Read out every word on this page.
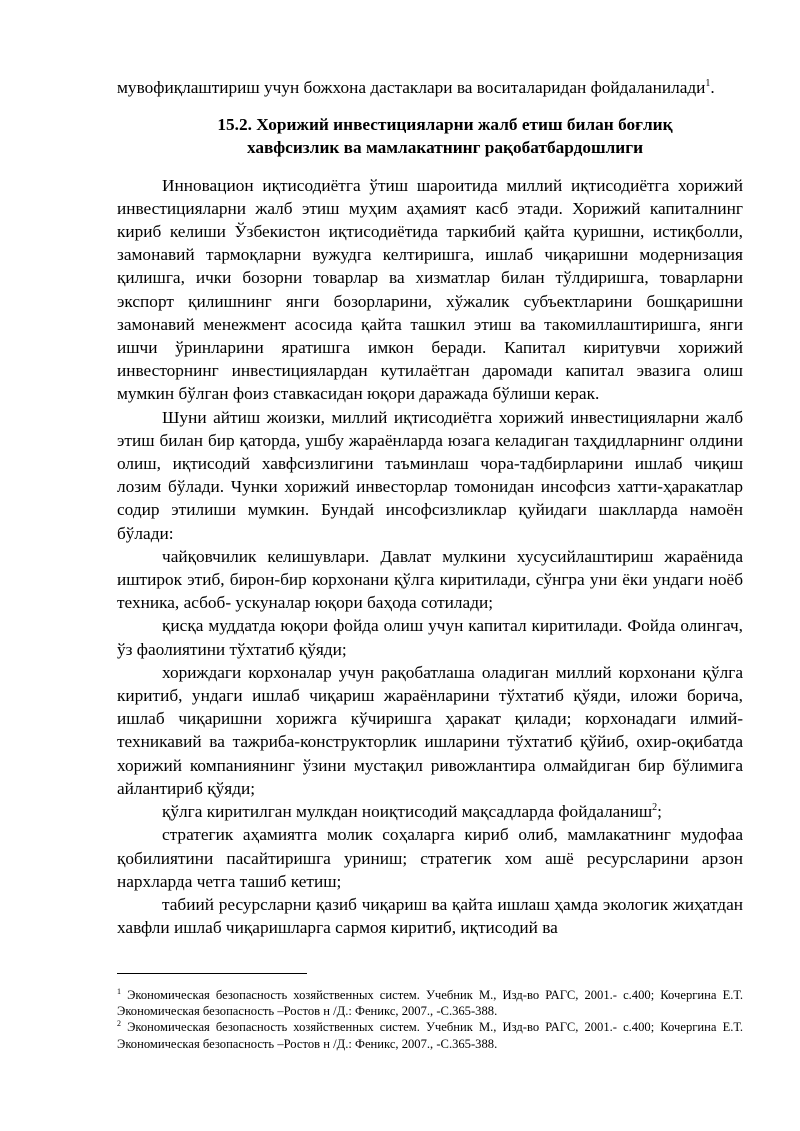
мувофиқлаштириш учун божхона дастаклари ва воситаларидан фойдаланилади$^1$.

15.2. Хорижий инвестицияларни жалб етиш билан боғлиқ
хавфсизлик ва мамлакатнинг рақобатбардошлиги

Инновацион иқтисодиётга ўтиш шароитида миллий иқтисодиётга хорижий инвестицияларни жалб этиш муҳим аҳамият касб этади. Хорижий капиталнинг кириб келиши Ўзбекистон иқтисодиётида таркибий қайта қуришни, истиқболли, замонавий тармоқларни вужудга келтиришга, ишлаб чиқаришни модернизация қилишга, ички бозорни товарлар ва хизматлар билан тўлдиришга, товарларни экспорт қилишнинг янги бозорларини, хўжалик субъектларини бошқаришни замонавий менежмент асосида қайта ташкил этиш ва такомиллаштиришга, янги ишчи ўринларини яратишга имкон беради. Капитал киритувчи хорижий инвесторнинг инвестициялардан кутилаётган даромади капитал эвазига олиш мумкин бўлган фоиз ставкасидан юқори даражада бўлиши керак.

Шуни айтиш жоизки, миллий иқтисодиётга хорижий инвестицияларни жалб этиш билан бир қаторда, ушбу жараёнларда юзага келадиган таҳдидларнинг олдини олиш, иқтисодий хавфсизлигини таъминлаш чора-тадбирларини ишлаб чиқиш лозим бўлади. Чунки хорижий инвесторлар томонидан инсофсиз хатти-ҳаракатлар содир этилиши мумкин. Бундай инсофсизликлар қуйидаги шаклларда намоён бўлади:

чайқовчилик келишувлари. Давлат мулкини хусусийлаштириш жараёнида иштирок этиб, бирон-бир корхонани қўлга киритилади, сўнгра уни ёки ундаги ноёб техника, асбоб- ускуналар юқори баҳода сотилади;

қисқа муддатда юқори фойда олиш учун капитал киритилади. Фойда олингач, ўз фаолиятини тўхтатиб қўяди;

хориждаги корхоналар учун рақобатлаша оладиган миллий корхонани қўлга киритиб, ундаги ишлаб чиқариш жараёнларини тўхтатиб қўяди, иложи борича, ишлаб чиқаришни хорижга кўчиришга ҳаракат қилади; корхонадаги илмий-техникавий ва тажриба-конструкторлик ишларини тўхтатиб қўйиб, охир-оқибатда хорижий компаниянинг ўзини мустақил ривожлантира олмайдиган бир бўлимига айлантириб қўяди;

қўлга киритилган мулкдан ноиқтисодий мақсадларда фойдаланиш$^2$;

стратегик аҳамиятга молик соҳаларга кириб олиб, мамлакатнинг мудофаа қобилиятини пасайтиришга уриниш; стратегик хом ашё ресурсларини арзон нархларда четга ташиб кетиш;

табиий ресурсларни қазиб чиқариш ва қайта ишлаш ҳамда экологик жиҳатдан хавфли ишлаб чиқаришларга сармоя киритиб, иқтисодий ва

$^1$ Экономическая безопасность хозяйственных систем. Учебник М., Изд-во РАГС, 2001.- с.400; Кочергина Е.Т. Экономическая безопасность –Ростов н /Д.: Феникс, 2007., -С.365-388.

$^2$ Экономическая безопасность хозяйственных систем. Учебник М., Изд-во РАГС, 2001.- с.400; Кочергина Е.Т. Экономическая безопасность –Ростов н /Д.: Феникс, 2007., -С.365-388.
